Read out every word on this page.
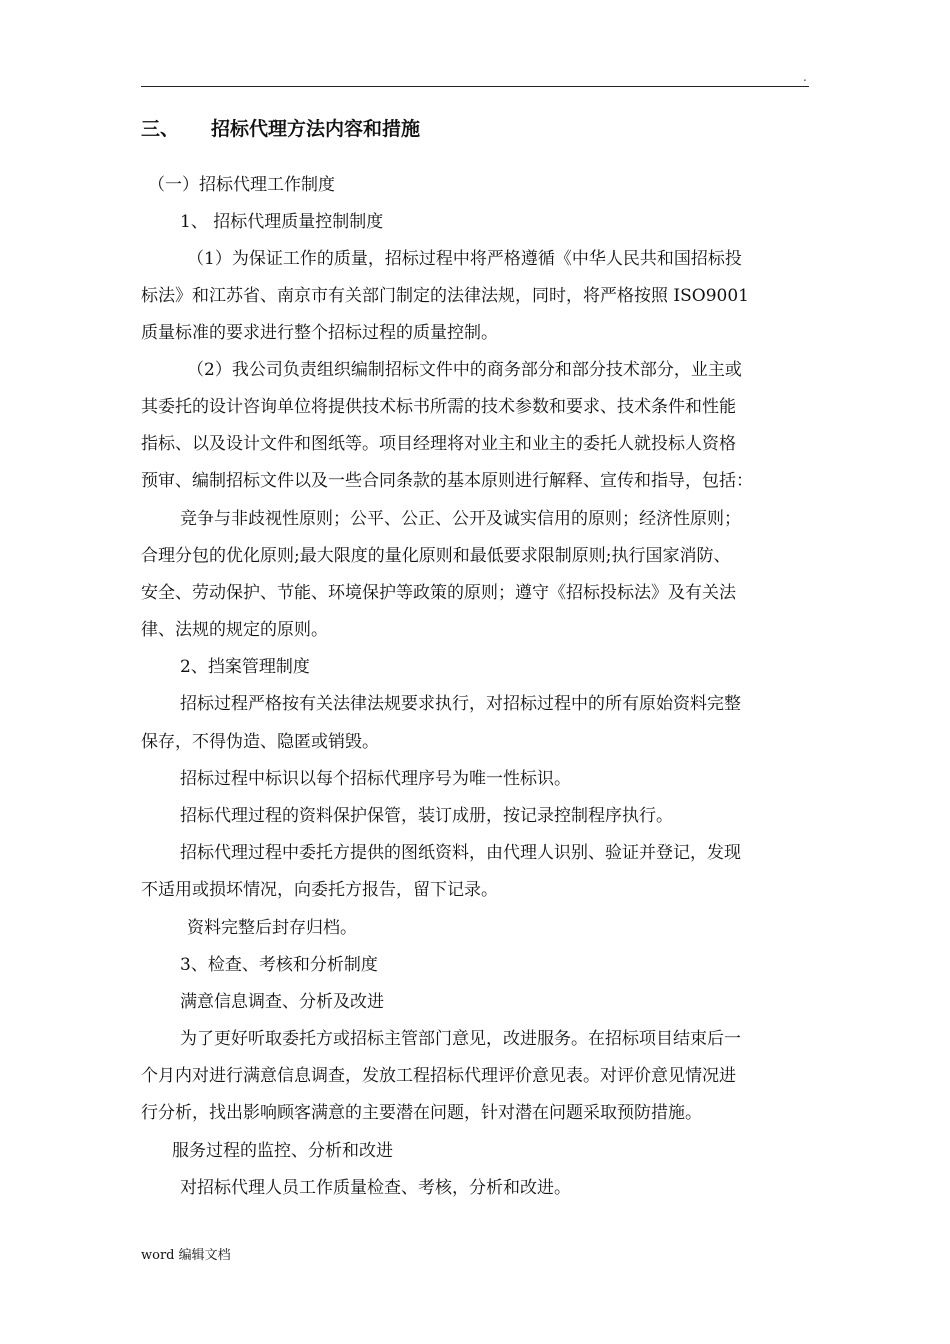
.
三、 招标代理方法内容和措施
（一）招标代理工作制度
1、 招标代理质量控制制度
（1）为保证工作的质量，招标过程中将严格遵循《中华人民共和国招标投
标法》和江苏省、南京市有关部门制定的法律法规，同时，将严格按照 ISO9001
质量标准的要求进行整个招标过程的质量控制。
（2）我公司负责组织编制招标文件中的商务部分和部分技术部分，业主或
其委托的设计咨询单位将提供技术标书所需的技术参数和要求、技术条件和性能
指标、以及设计文件和图纸等。项目经理将对业主和业主的委托人就投标人资格
预审、编制招标文件以及一些合同条款的基本原则进行解释、宣传和指导，包括：
竞争与非歧视性原则；公平、公正、公开及诚实信用的原则；经济性原则；
合理分包的优化原则;最大限度的量化原则和最低要求限制原则;执行国家消防、
安全、劳动保护、节能、环境保护等政策的原则；遵守《招标投标法》及有关法
律、法规的规定的原则。
2、挡案管理制度
招标过程严格按有关法律法规要求执行，对招标过程中的所有原始资料完整
保存，不得伪造、隐匿或销毁。
招标过程中标识以每个招标代理序号为唯一性标识。
招标代理过程的资料保护保管，装订成册，按记录控制程序执行。
招标代理过程中委托方提供的图纸资料，由代理人识别、验证并登记，发现
不适用或损坏情况，向委托方报告，留下记录。
资料完整后封存归档。
3、检查、考核和分析制度
满意信息调查、分析及改进
为了更好听取委托方或招标主管部门意见，改进服务。在招标项目结束后一
个月内对进行满意信息调查，发放工程招标代理评价意见表。对评价意见情况进
行分析，找出影响顾客满意的主要潜在问题，针对潜在问题采取预防措施。
服务过程的监控、分析和改进
对招标代理人员工作质量检查、考核，分析和改进。
word 编辑文档
